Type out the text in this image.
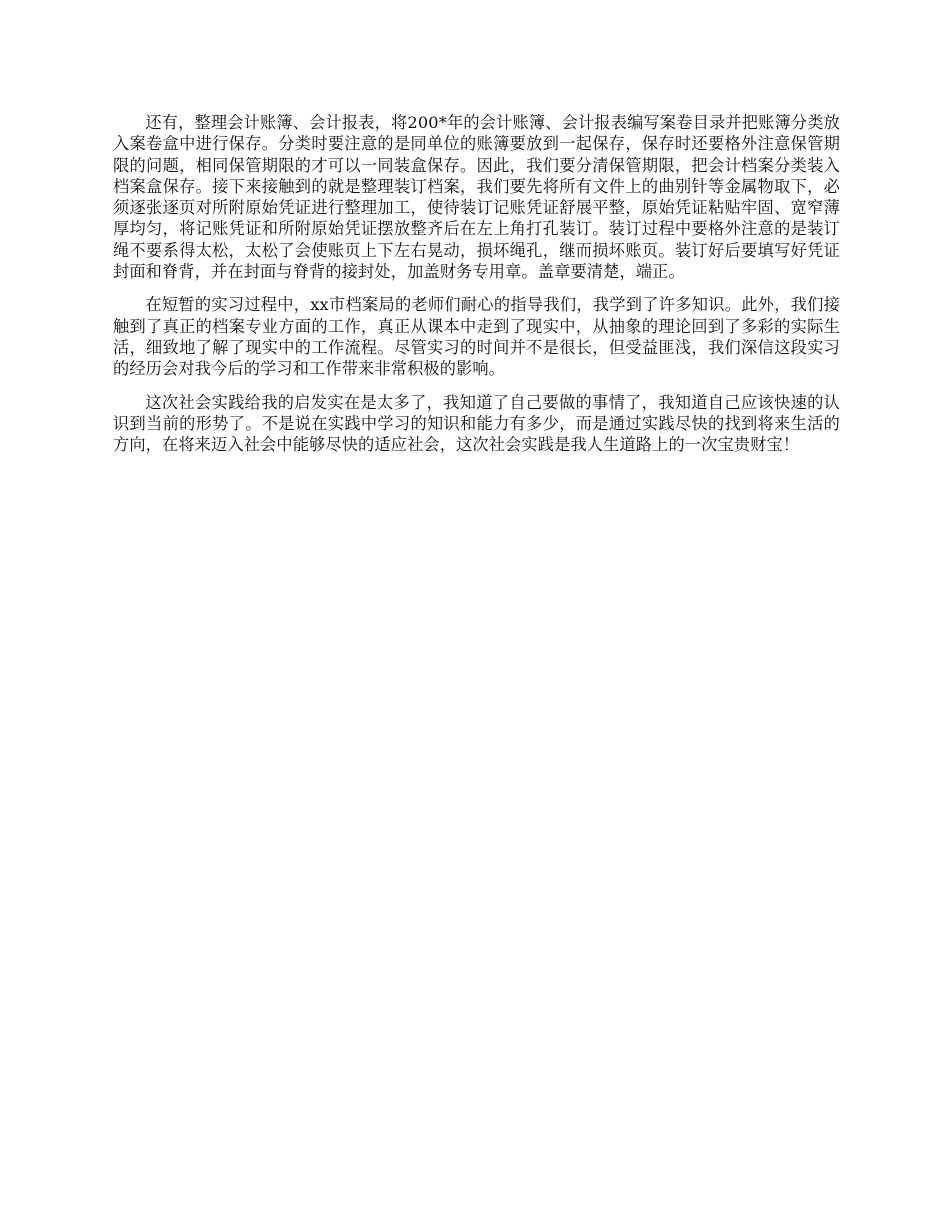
还有，整理会计账簿、会计报表，将200*年的会计账簿、会计报表编写案卷目录并把账簿分类放入案卷盒中进行保存。分类时要注意的是同单位的账簿要放到一起保存，保存时还要格外注意保管期限的问题，相同保管期限的才可以一同装盒保存。因此，我们要分清保管期限，把会计档案分类装入档案盒保存。接下来接触到的就是整理装订档案，我们要先将所有文件上的曲别针等金属物取下，必须逐张逐页对所附原始凭证进行整理加工，使待装订记账凭证舒展平整，原始凭证粘贴牢固、宽窄薄厚均匀，将记账凭证和所附原始凭证摆放整齐后在左上角打孔装订。装订过程中要格外注意的是装订绳不要系得太松，太松了会使账页上下左右晃动，损坏绳孔，继而损坏账页。装订好后要填写好凭证封面和脊背，并在封面与脊背的接封处，加盖财务专用章。盖章要清楚，端正。

在短暂的实习过程中，xx市档案局的老师们耐心的指导我们，我学到了许多知识。此外，我们接触到了真正的档案专业方面的工作，真正从课本中走到了现实中，从抽象的理论回到了多彩的实际生活，细致地了解了现实中的工作流程。尽管实习的时间并不是很长，但受益匪浅，我们深信这段实习的经历会对我今后的学习和工作带来非常积极的影响。

这次社会实践给我的启发实在是太多了，我知道了自己要做的事情了，我知道自己应该快速的认识到当前的形势了。不是说在实践中学习的知识和能力有多少，而是通过实践尽快的找到将来生活的方向，在将来迈入社会中能够尽快的适应社会，这次社会实践是我人生道路上的一次宝贵财宝！
